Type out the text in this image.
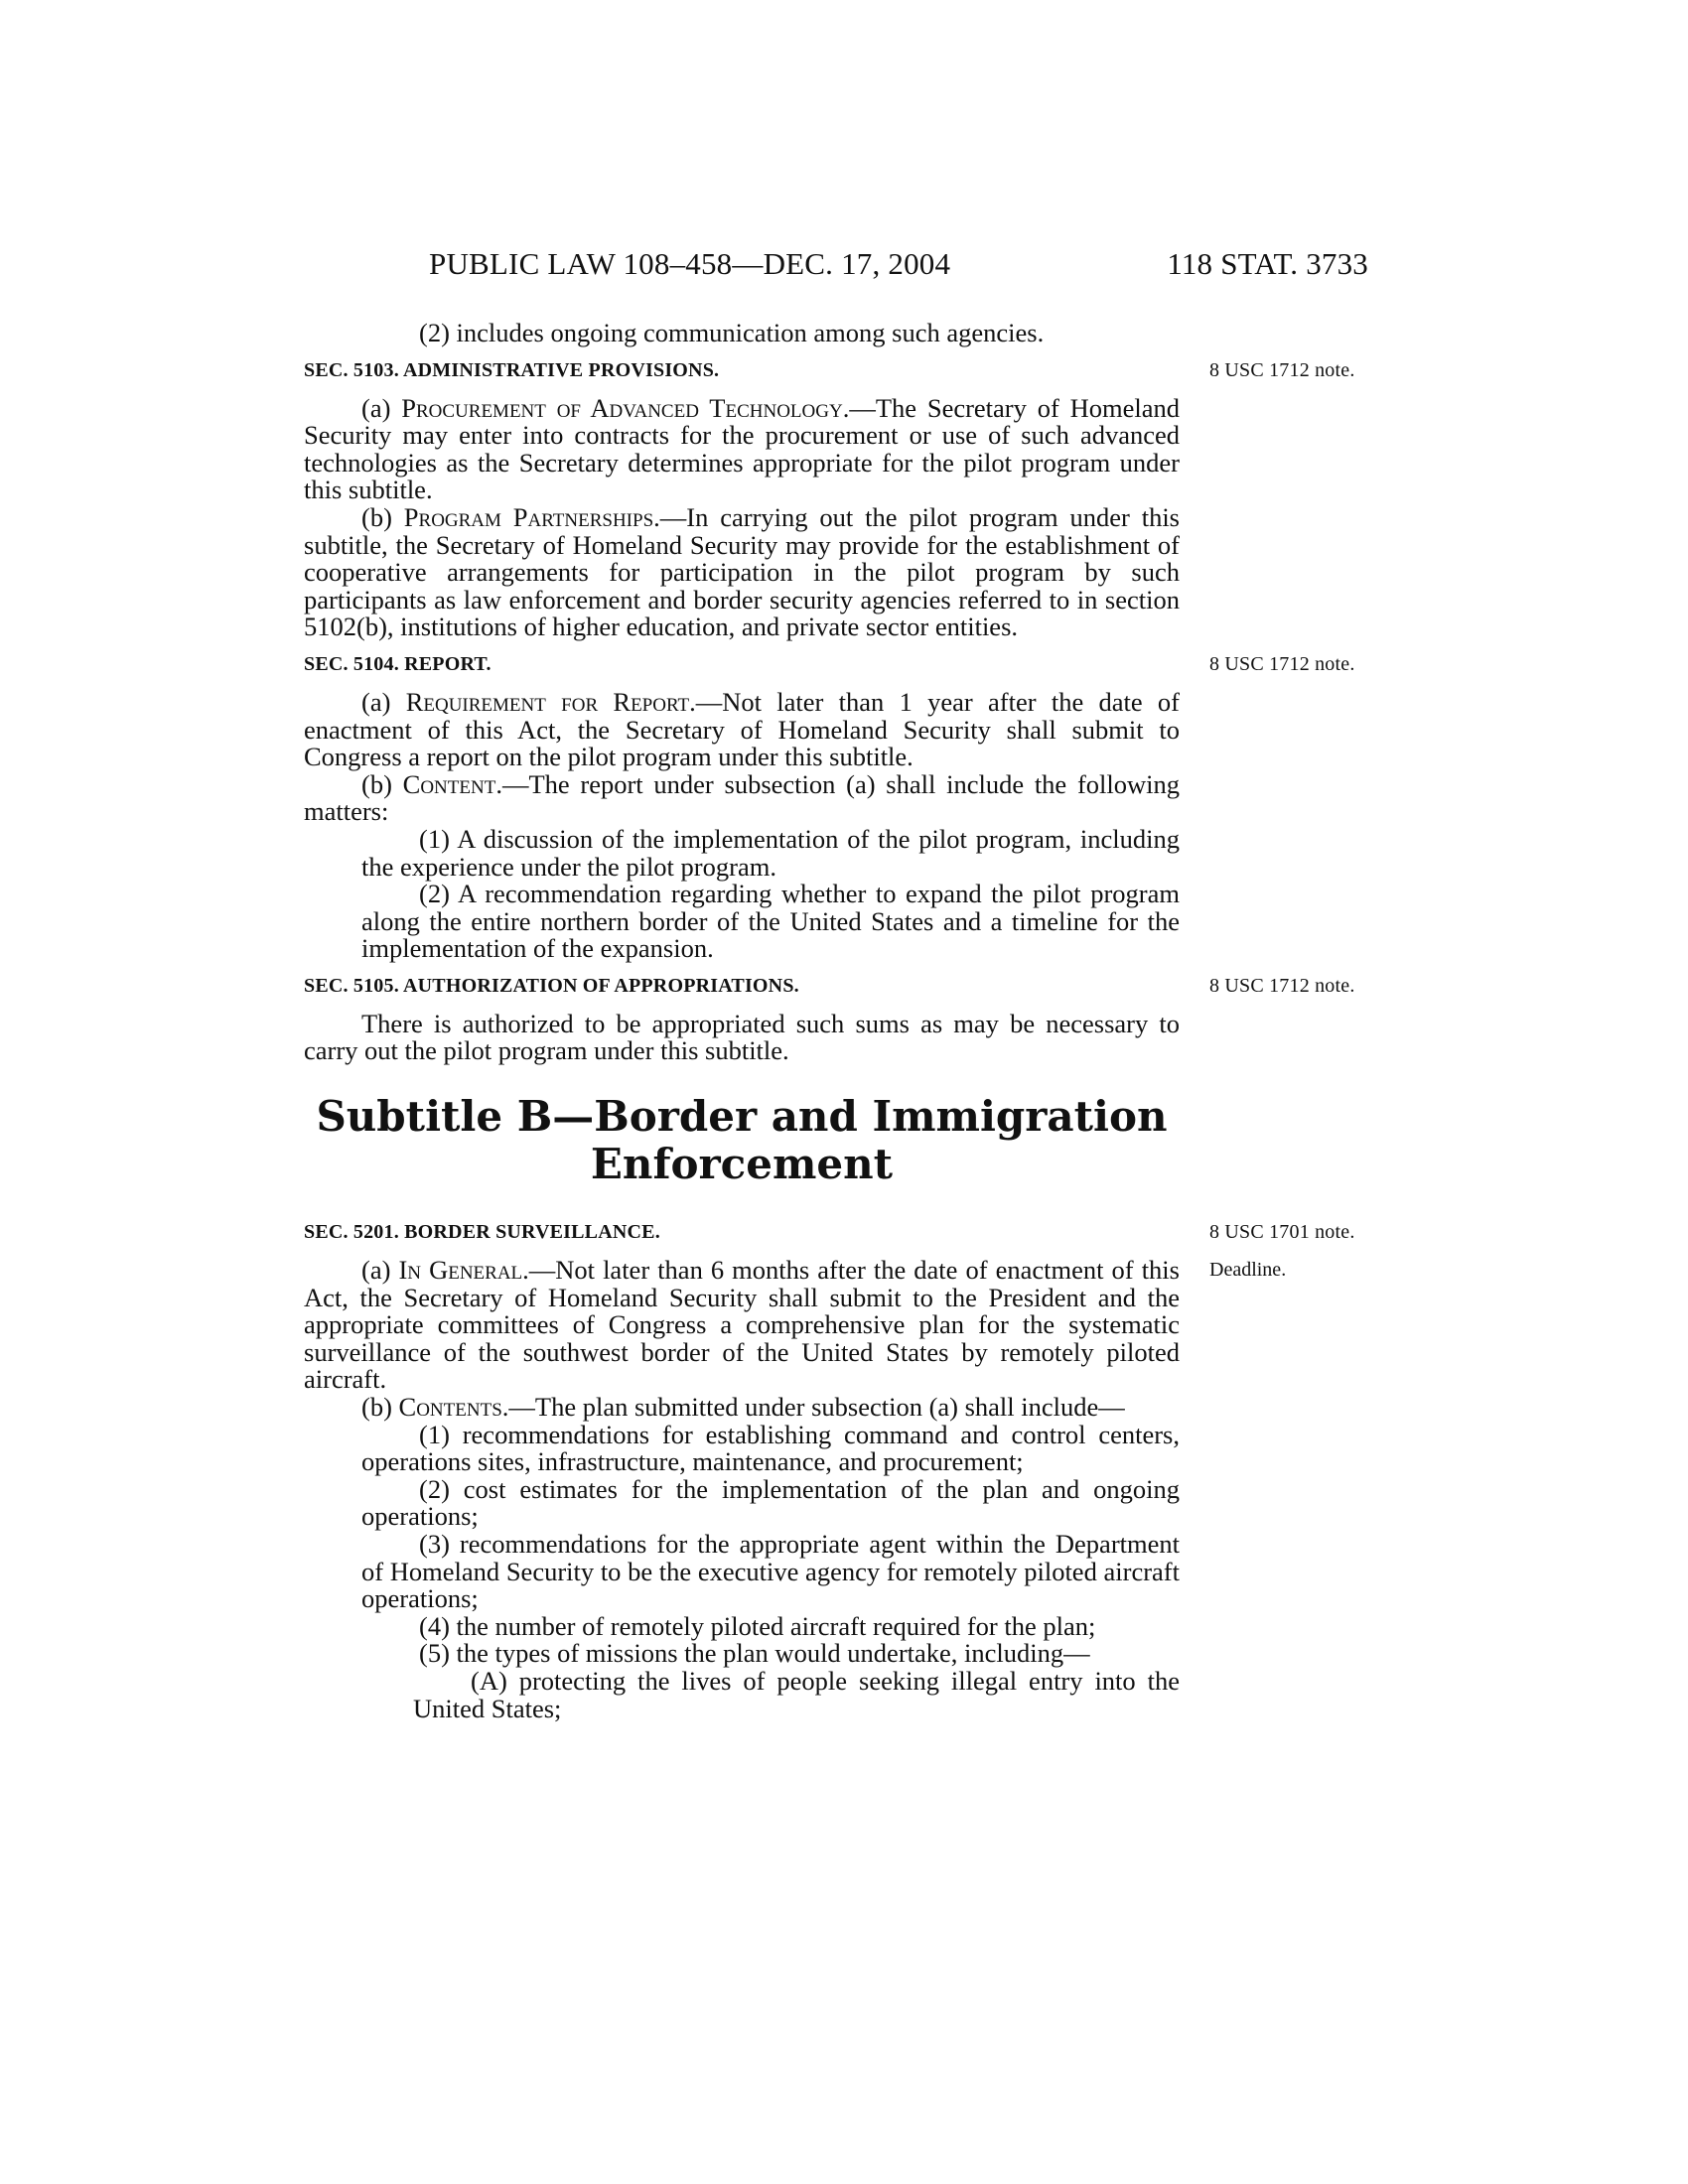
PUBLIC LAW 108–458—DEC. 17, 2004	118 STAT. 3733

(2) includes ongoing communication among such agencies.

SEC. 5103. ADMINISTRATIVE PROVISIONS.	8 USC 1712 note.

(a) Procurement of Advanced Technology.—The Secretary of Homeland Security may enter into contracts for the procurement or use of such advanced technologies as the Secretary determines appropriate for the pilot program under this subtitle.

(b) Program Partnerships.—In carrying out the pilot program under this subtitle, the Secretary of Homeland Security may provide for the establishment of cooperative arrangements for participation in the pilot program by such participants as law enforcement and border security agencies referred to in section 5102(b), institutions of higher education, and private sector entities.

SEC. 5104. REPORT.	8 USC 1712 note.

(a) Requirement for Report.—Not later than 1 year after the date of enactment of this Act, the Secretary of Homeland Security shall submit to Congress a report on the pilot program under this subtitle.

(b) Content.—The report under subsection (a) shall include the following matters:

(1) A discussion of the implementation of the pilot program, including the experience under the pilot program.

(2) A recommendation regarding whether to expand the pilot program along the entire northern border of the United States and a timeline for the implementation of the expansion.

SEC. 5105. AUTHORIZATION OF APPROPRIATIONS.	8 USC 1712 note.

There is authorized to be appropriated such sums as may be necessary to carry out the pilot program under this subtitle.

Subtitle B—Border and Immigration
Enforcement
SEC. 5201. BORDER SURVEILLANCE.	8 USC 1701 note.
Deadline.

(a) In General.—Not later than 6 months after the date of enactment of this Act, the Secretary of Homeland Security shall submit to the President and the appropriate committees of Congress a comprehensive plan for the systematic surveillance of the southwest border of the United States by remotely piloted aircraft.

(b) Contents.—The plan submitted under subsection (a) shall include—

(1) recommendations for establishing command and control centers, operations sites, infrastructure, maintenance, and procurement;

(2) cost estimates for the implementation of the plan and ongoing operations;

(3) recommendations for the appropriate agent within the Department of Homeland Security to be the executive agency for remotely piloted aircraft operations;

(4) the number of remotely piloted aircraft required for the plan;

(5) the types of missions the plan would undertake, including—

(A) protecting the lives of people seeking illegal entry into the United States;
